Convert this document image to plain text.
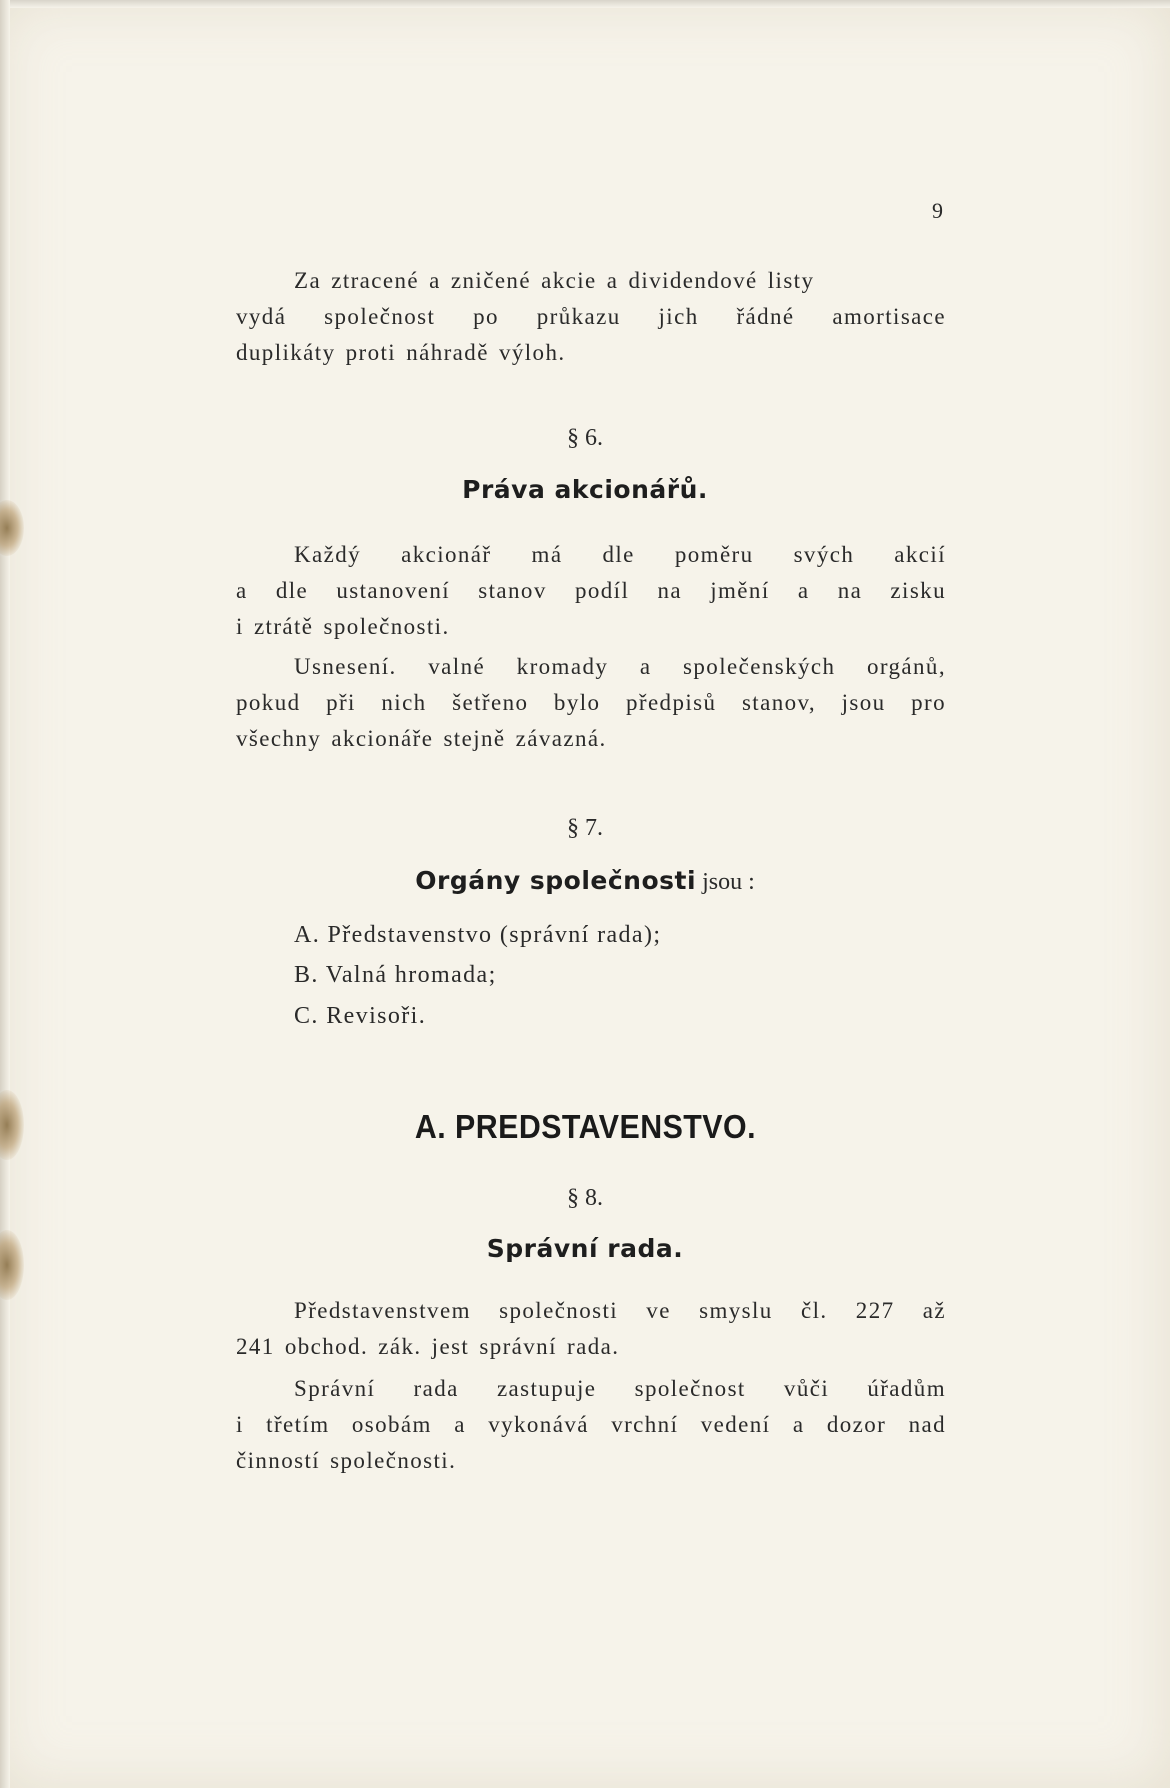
9
Za ztracené a zničené akcie a dividendové listy
vydá společnost po průkazu jich řádné amortisace
duplikáty proti náhradě výloh.
§ 6.
Práva akcionářů.
Každý akcionář má dle poměru svých akcií
a dle ustanovení stanov podíl na jmění a na zisku
i ztrátě společnosti.
Usnesení. valné kromady a společenských orgánů,
pokud při nich šetřeno bylo předpisů stanov, jsou pro
všechny akcionáře stejně závazná.
§ 7.
Orgány společnosti jsou :
A. Představenstvo (správní rada);
B. Valná hromada;
C. Revisoři.
A. PREDSTAVENSTVO.
§ 8.
Správní rada.
Představenstvem společnosti ve smyslu čl. 227 až
241 obchod. zák. jest správní rada.
Správní rada zastupuje společnost vůči úřadům
i třetím osobám a vykonává vrchní vedení a dozor nad
činností společnosti.
